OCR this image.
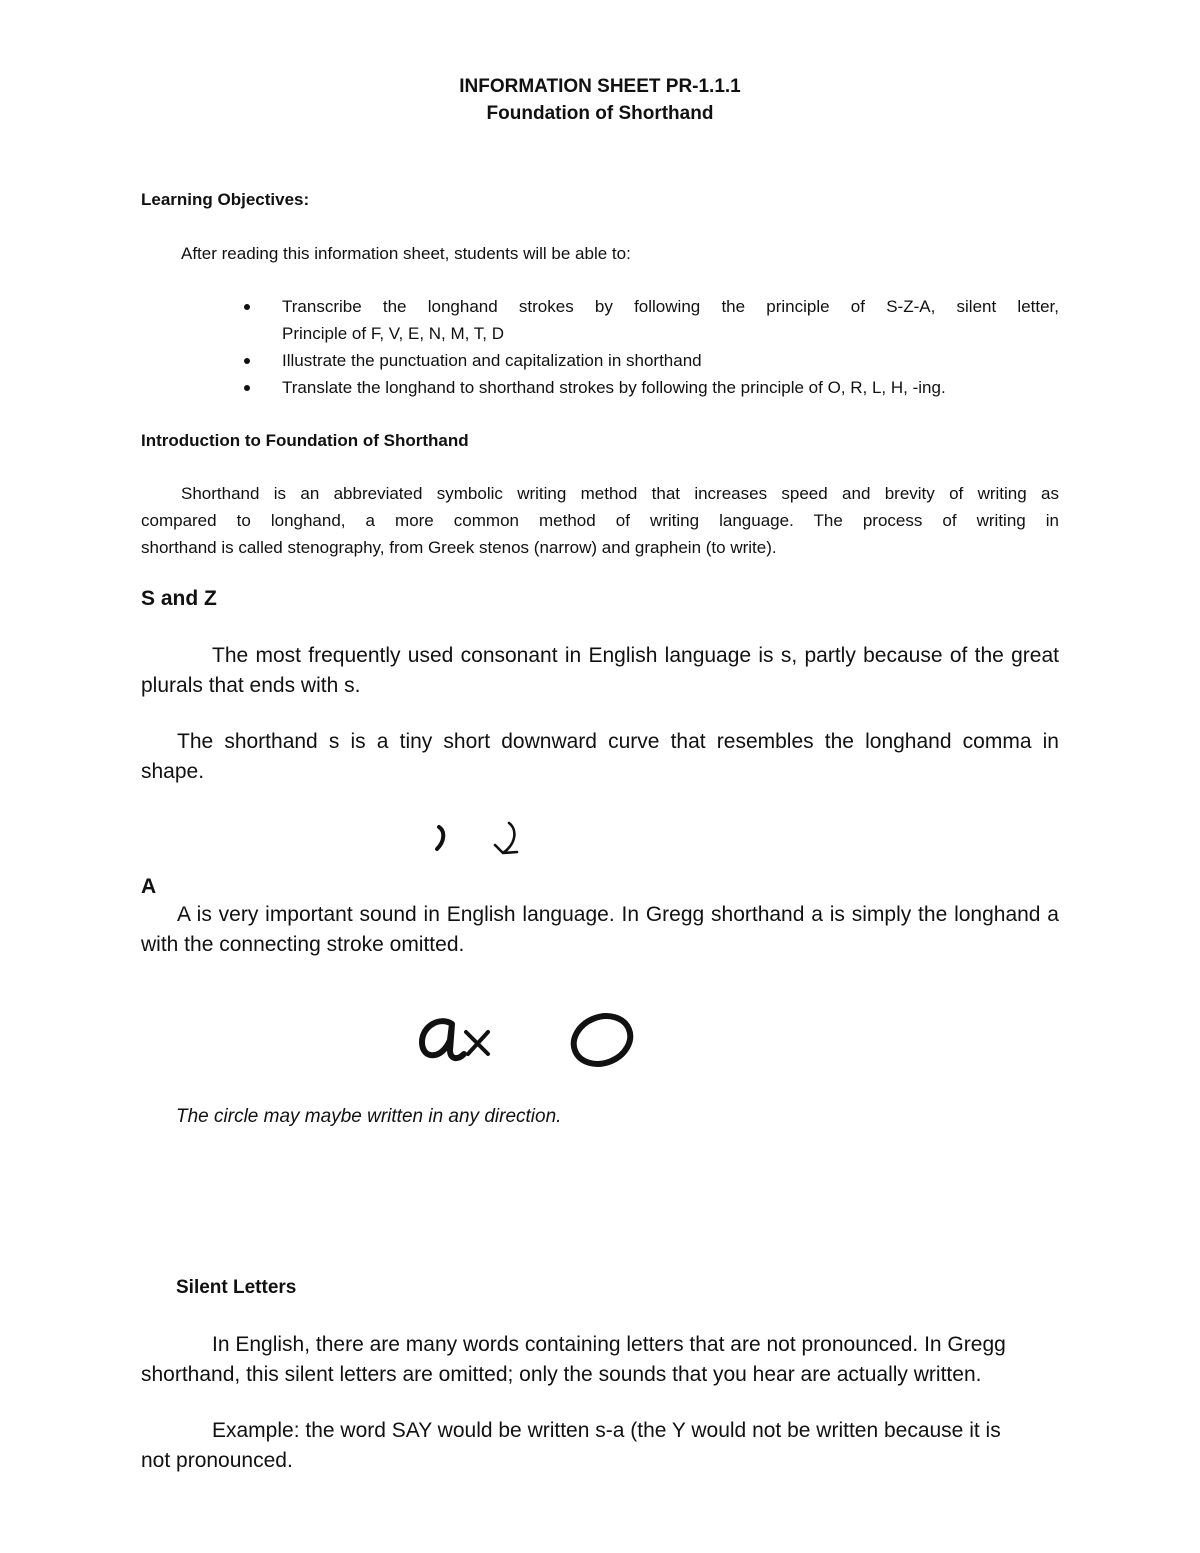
INFORMATION SHEET PR-1.1.1
Foundation of Shorthand
Learning Objectives:
After reading this information sheet, students will be able to:
Transcribe the longhand strokes by following the principle of S-Z-A, silent letter,
Principle of F, V, E, N, M, T, D
Illustrate the punctuation and capitalization in shorthand
Translate the longhand to shorthand strokes by following the principle of O, R, L, H, -ing.
Introduction to Foundation of Shorthand
Shorthand is an abbreviated symbolic writing method that increases speed and brevity of writing as
compared to longhand, a more common method of writing language. The process of writing in
shorthand is called stenography, from Greek stenos (narrow) and graphein (to write).
S and Z
The most frequently used consonant in English language is s, partly because of the great
plurals that ends with s.
The shorthand s is a tiny short downward curve that resembles the longhand comma in
shape.
A
A is very important sound in English language. In Gregg shorthand a is simply the longhand a
with the connecting stroke omitted.
The circle may maybe written in any direction.
Silent Letters
In English, there are many words containing letters that are not pronounced. In Gregg
shorthand, this silent letters are omitted; only the sounds that you hear are actually written.
Example: the word SAY would be written s-a (the Y would not be written because it is
not pronounced.
